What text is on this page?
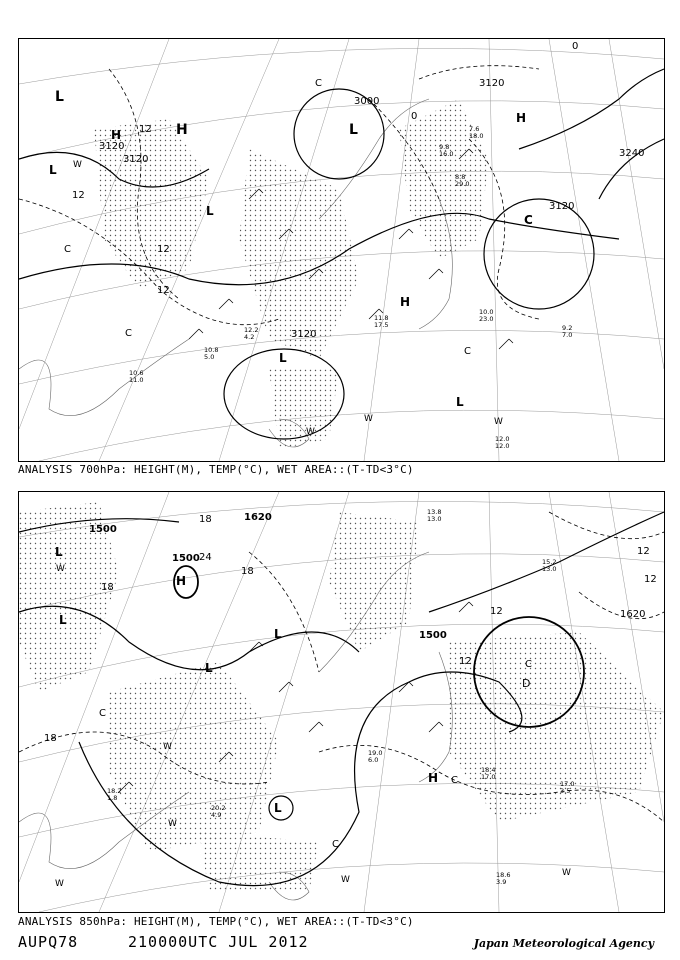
L
L
L
L
L
L
H	H
H
H
C
C
C
C
C
W
W	W
W
3120
3120
3120
3120
3120
3240
3000
12
12
12
12
0
0
10.6 11.0
10.8 5.0
9.2 7.0
10.0 23.0
12.0 12.0
9.8 16.0
7.6 18.0
8.8 29.0
11.8 17.5
12.2 4.2
ANALYSIS 700hPa: HEIGHT(M), TEMP(°C), WET AREA::(T-TD<3°C)
L
L
L
L
L
H
H
C
C
C
C
W
W
W
W
W
W
D
1500
1500
1500
1620
1620
18
18
18
18
12
12
12
24
12
18.4 17.0
17.0 3.5
18.6 3.9
19.0 6.0
20.2 4.9
18.2 1.8
13.8 13.0
15.2 13.0
ANALYSIS 850hPa: HEIGHT(M), TEMP(°C), WET AREA::(T-TD<3°C)
AUPQ78	210000UTC JUL 2012	Japan Meteorological Agency
